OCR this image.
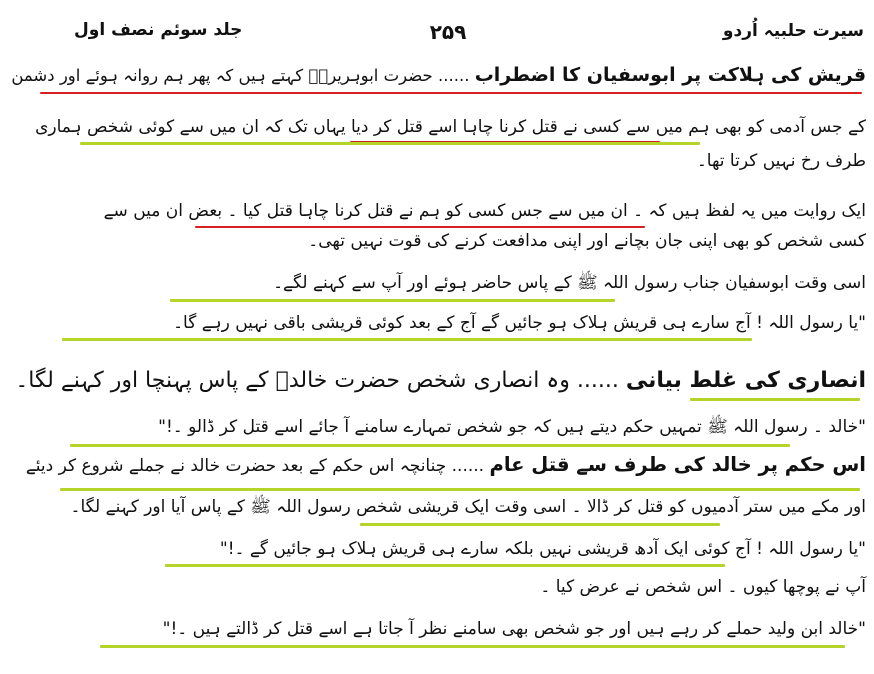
سیرت حلبیہ اُردو
۲۵۹
جلد سوئم نصف اول
قریش کی ہلاکت پر ابوسفیان کا اضطراب ...... حضرت ابوہریرہؓ کہتے ہیں کہ پھر ہم روانہ ہوئے اور دشمن
کے جس آدمی کو بھی ہم میں سے کسی نے قتل کرنا چاہا اسے قتل کر دیا یہاں تک کہ ان میں سے کوئی شخص ہماری
طرف رخ نہیں کرتا تھا۔
ایک روایت میں یہ لفظ ہیں کہ ۔ ان میں سے جس کسی کو ہم نے قتل کرنا چاہا قتل کیا ۔ بعض ان میں سے
کسی شخص کو بھی اپنی جان بچانے اور اپنی مدافعت کرنے کی قوت نہیں تھی۔
اسی وقت ابوسفیان جناب رسول اللہ ﷺ کے پاس حاضر ہوئے اور آپ سے کہنے لگے۔
"یا رسول اللہ ! آج سارے ہی قریش ہلاک ہو جائیں گے آج کے بعد کوئی قریشی باقی نہیں رہے گا۔
انصاری کی غلط بیانی ...... وہ انصاری شخص حضرت خالدؓ کے پاس پہنچا اور کہنے لگا۔
"خالد ۔ رسول اللہ ﷺ تمہیں حکم دیتے ہیں کہ جو شخص تمہارے سامنے آ جائے اسے قتل کر ڈالو ۔!"
اس حکم پر خالد کی طرف سے قتل عام ...... چنانچہ اس حکم کے بعد حضرت خالد نے جملے شروع کر دیئے
اور مکے میں ستر آدمیوں کو قتل کر ڈالا ۔ اسی وقت ایک قریشی شخص رسول اللہ ﷺ کے پاس آیا اور کہنے لگا۔
"یا رسول اللہ ! آج کوئی ایک آدھ قریشی نہیں بلکہ سارے ہی قریش ہلاک ہو جائیں گے ۔!"
آپ نے پوچھا کیوں ۔ اس شخص نے عرض کیا ۔
"خالد ابن ولید حملے کر رہے ہیں اور جو شخص بھی سامنے نظر آ جاتا ہے اسے قتل کر ڈالتے ہیں ۔!"
